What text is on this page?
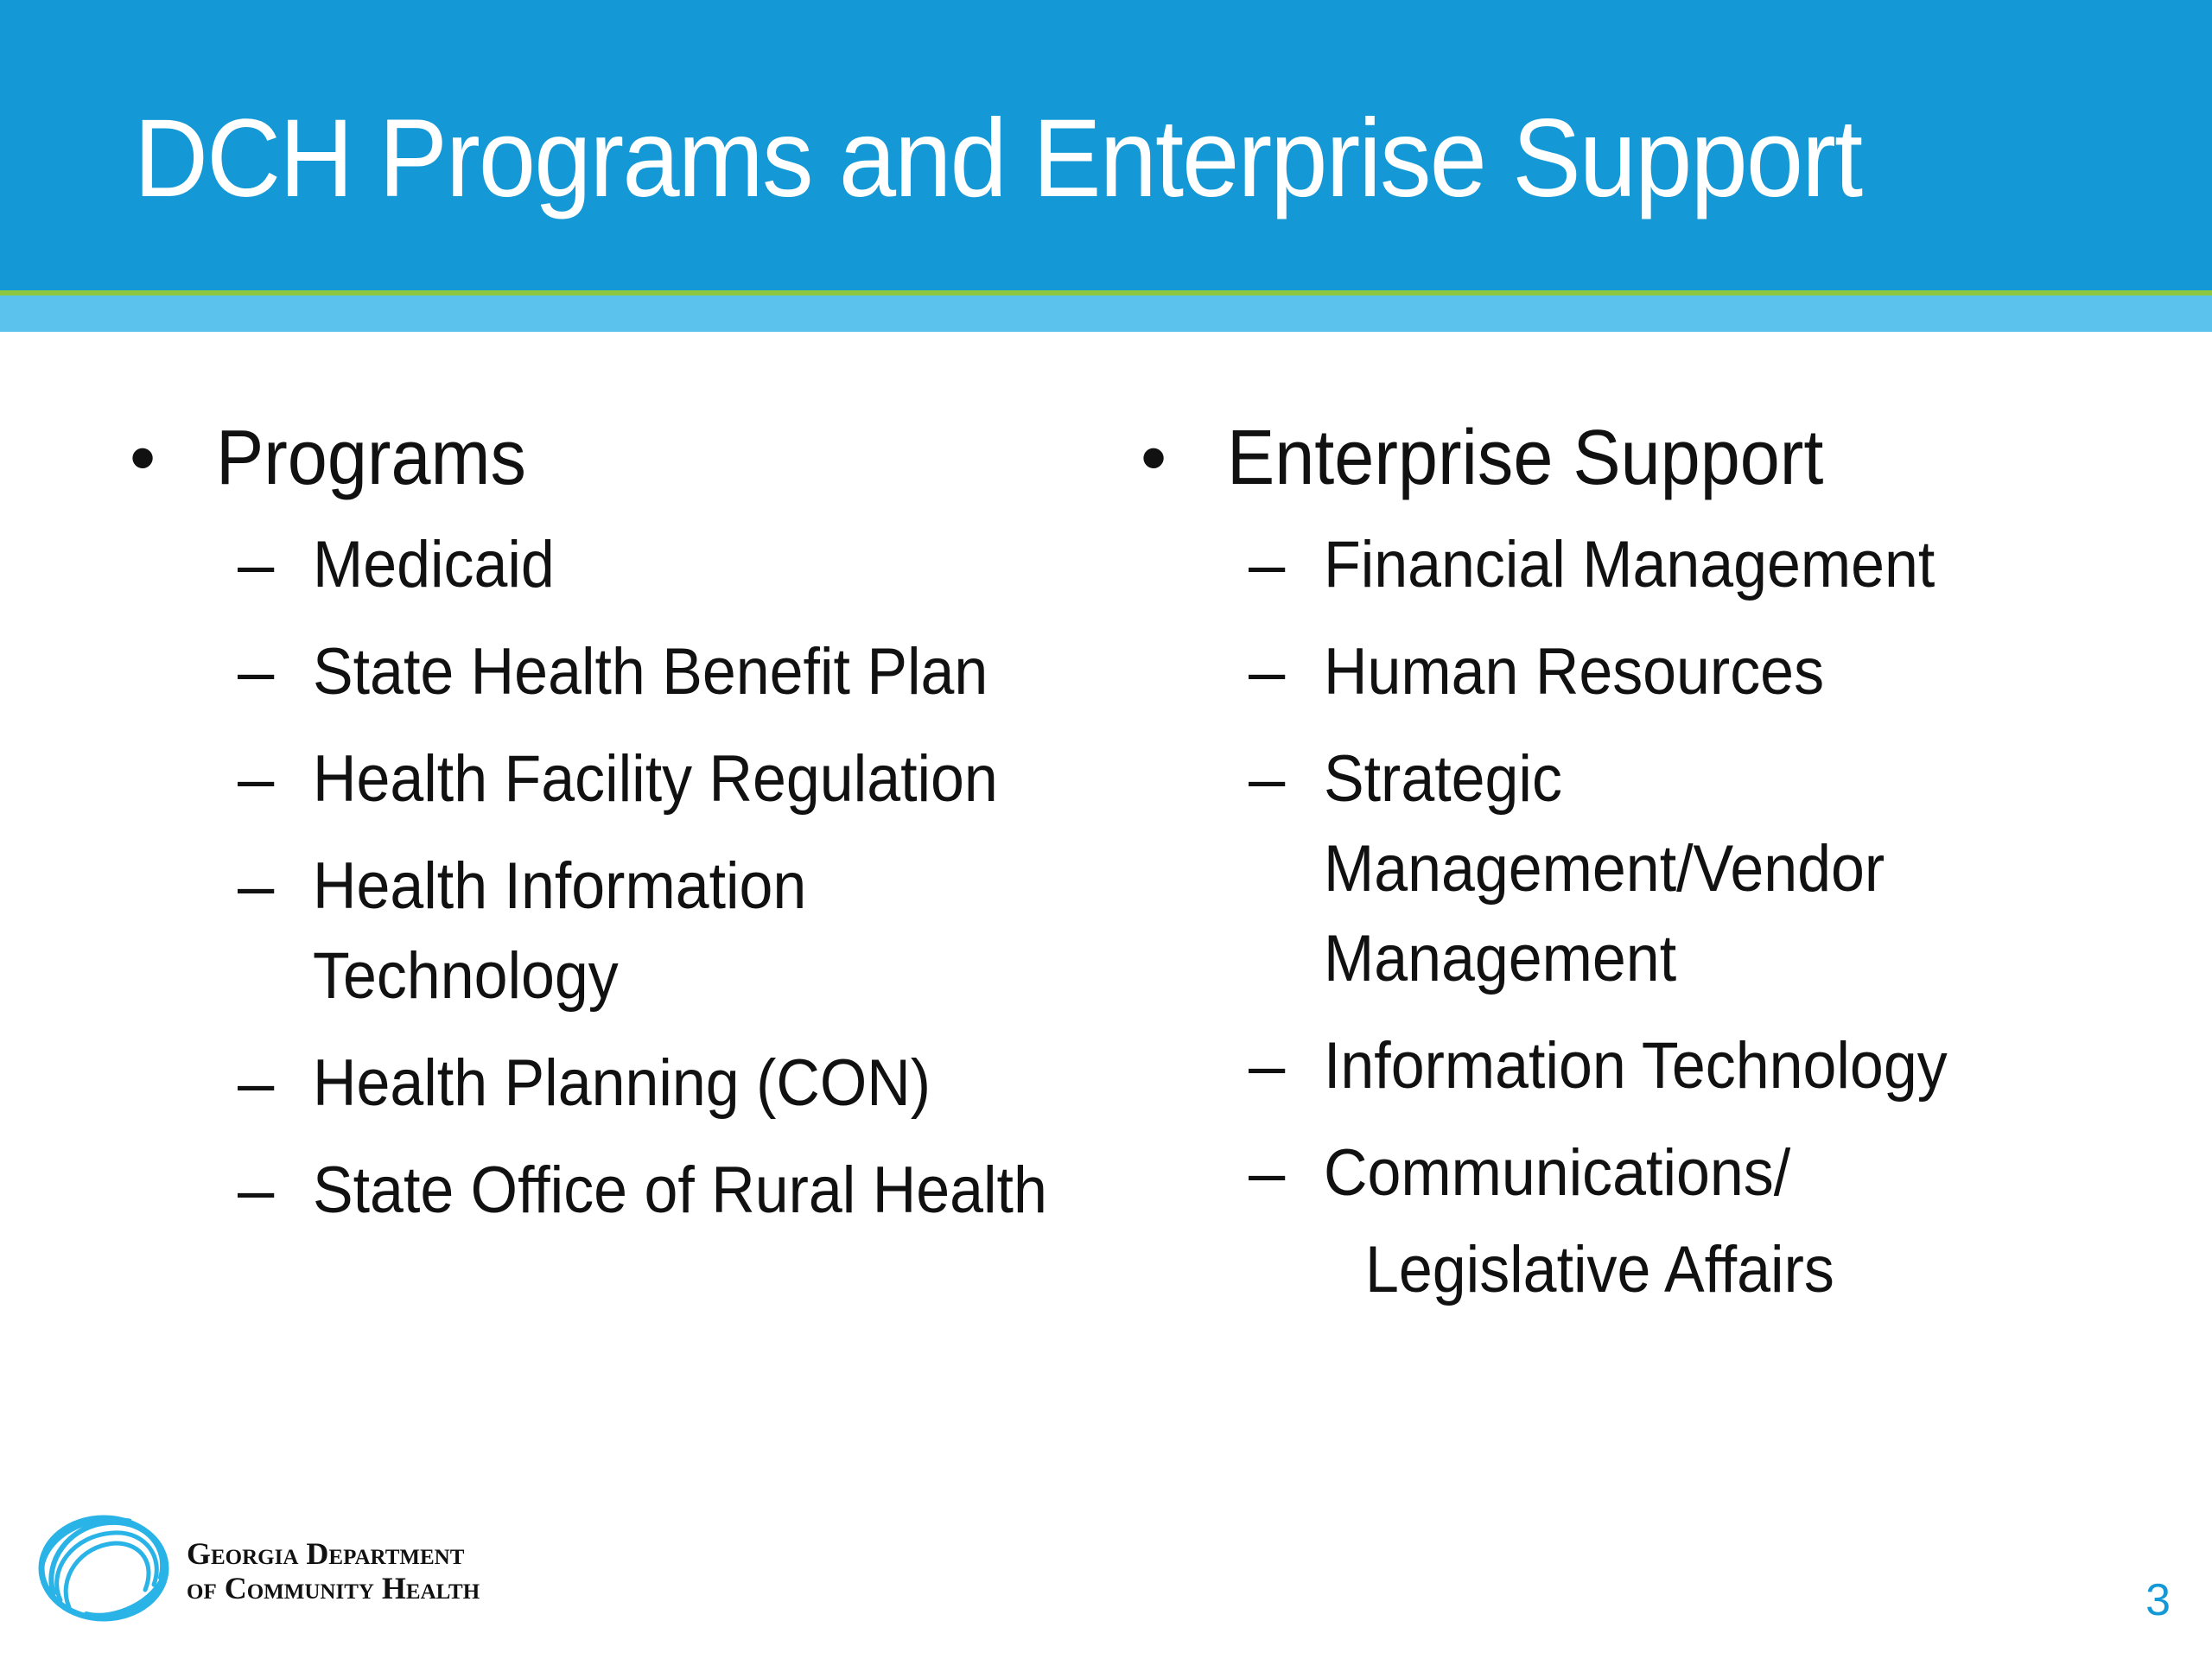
DCH Programs and Enterprise Support
• Programs
– Medicaid
– State Health Benefit Plan
– Health Facility Regulation
– Health Information
Technology
– Health Planning (CON)
– State Office of Rural Health
• Enterprise Support
– Financial Management
– Human Resources
– Strategic
Management/Vendor
Management
– Information Technology
– Communications/
Legislative Affairs
Georgia Department
of Community Health	3
